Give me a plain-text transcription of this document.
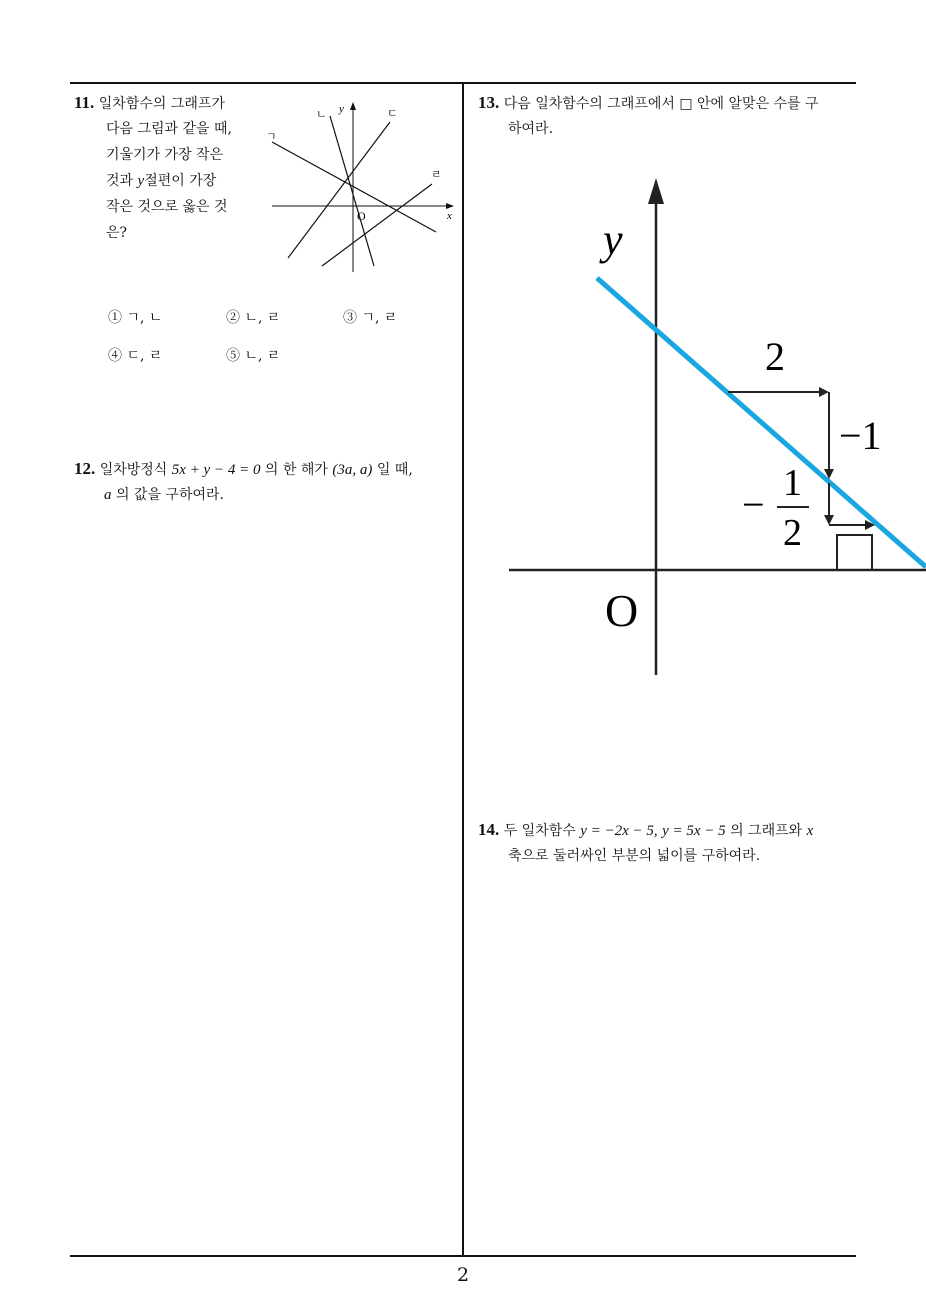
2
11. 일차함수의 그래프가
다음 그림과 같을 때,
기울기가 가장 작은
것과 y절편이 가장
작은 것으로 옳은 것
은?
ㄱ
ㄴ	ㄷ
ㄹ
y
x
O
① ㄱ, ㄴ	② ㄴ, ㄹ	③ ㄱ, ㄹ
④ ㄷ, ㄹ	⑤ ㄴ, ㄹ
12. 일차방정식 5x + y − 4 = 0 의 한 해가 (3a, a) 일 때,
a 의 값을 구하여라.
13. 다음 일차함수의 그래프에서 □ 안에 알맞은 수를 구
하여라.
y
O
2
−1
− 1
2
14. 두 일차함수 y = −2x − 5, y = 5x − 5 의 그래프와 x
축으로 둘러싸인 부분의 넓이를 구하여라.
